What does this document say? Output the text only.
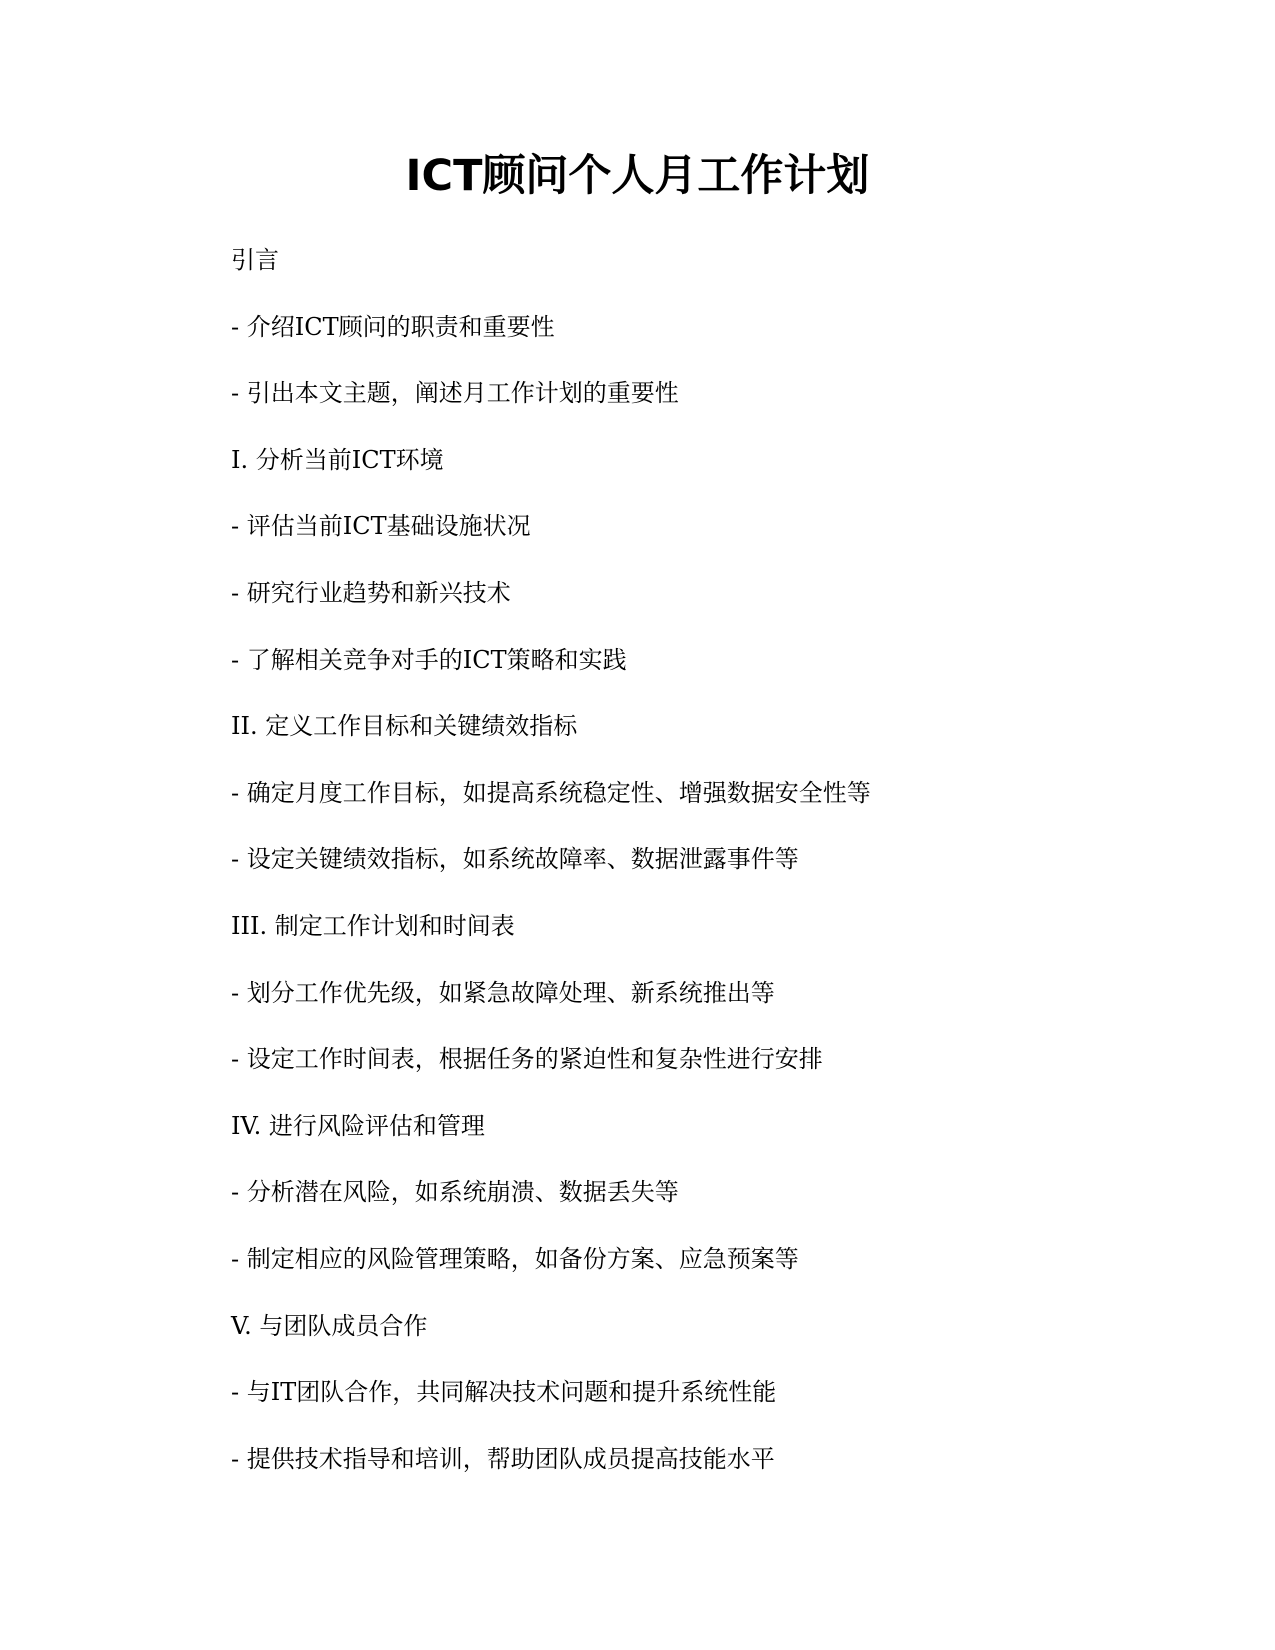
ICT顾问个人月工作计划
引言
- 介绍ICT顾问的职责和重要性
- 引出本文主题，阐述月工作计划的重要性
I. 分析当前ICT环境
- 评估当前ICT基础设施状况
- 研究行业趋势和新兴技术
- 了解相关竞争对手的ICT策略和实践
II. 定义工作目标和关键绩效指标
- 确定月度工作目标，如提高系统稳定性、增强数据安全性等
- 设定关键绩效指标，如系统故障率、数据泄露事件等
III. 制定工作计划和时间表
- 划分工作优先级，如紧急故障处理、新系统推出等
- 设定工作时间表，根据任务的紧迫性和复杂性进行安排
IV. 进行风险评估和管理
- 分析潜在风险，如系统崩溃、数据丢失等
- 制定相应的风险管理策略，如备份方案、应急预案等
V. 与团队成员合作
- 与IT团队合作，共同解决技术问题和提升系统性能
- 提供技术指导和培训，帮助团队成员提高技能水平
